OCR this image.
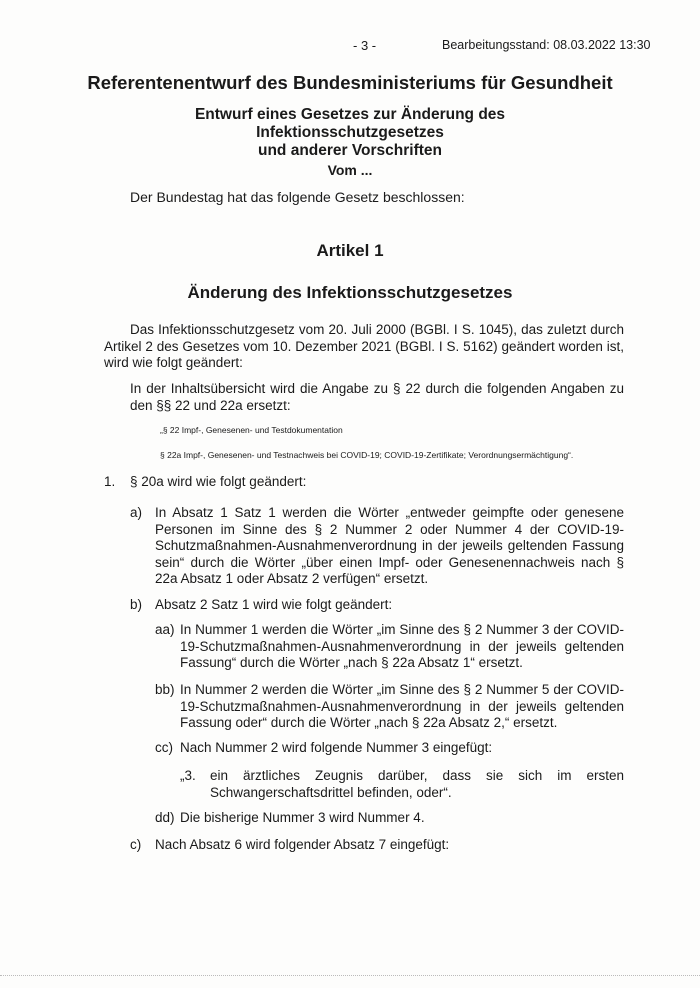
- 3 -	Bearbeitungsstand: 08.03.2022 13:30
Referentenentwurf des Bundesministeriums für Gesundheit
Entwurf eines Gesetzes zur Änderung des Infektionsschutzgesetzes
und anderer Vorschriften
Vom ...
Der Bundestag hat das folgende Gesetz beschlossen:
Artikel 1
Änderung des Infektionsschutzgesetzes
Das Infektionsschutzgesetz vom 20. Juli 2000 (BGBl. I S. 1045), das zuletzt durch Artikel 2 des Gesetzes vom 10. Dezember 2021 (BGBl. I S. 5162) geändert worden ist, wird wie folgt geändert:
In der Inhaltsübersicht wird die Angabe zu § 22 durch die folgenden Angaben zu den §§ 22 und 22a ersetzt:
„§ 22 Impf-, Genesenen- und Testdokumentation
§ 22a Impf-, Genesenen- und Testnachweis bei COVID-19; COVID-19-Zertifikate; Verordnungsermächtigung“.
1. § 20a wird wie folgt geändert:
a) In Absatz 1 Satz 1 werden die Wörter „entweder geimpfte oder genesene Personen im Sinne des § 2 Nummer 2 oder Nummer 4 der COVID-19-Schutzmaßnahmen-Ausnahmenverordnung in der jeweils geltenden Fassung sein“ durch die Wörter „über einen Impf- oder Genesenennachweis nach § 22a Absatz 1 oder Absatz 2 verfügen“ ersetzt.
b) Absatz 2 Satz 1 wird wie folgt geändert:
aa) In Nummer 1 werden die Wörter „im Sinne des § 2 Nummer 3 der COVID-19-Schutzmaßnahmen-Ausnahmenverordnung in der jeweils geltenden Fassung“ durch die Wörter „nach § 22a Absatz 1“ ersetzt.
bb) In Nummer 2 werden die Wörter „im Sinne des § 2 Nummer 5 der COVID-19-Schutzmaßnahmen-Ausnahmenverordnung in der jeweils geltenden Fassung oder“ durch die Wörter „nach § 22a Absatz 2,“ ersetzt.
cc) Nach Nummer 2 wird folgende Nummer 3 eingefügt:
„3. ein ärztliches Zeugnis darüber, dass sie sich im ersten Schwangerschaftsdrittel befinden, oder“.
dd) Die bisherige Nummer 3 wird Nummer 4.
c) Nach Absatz 6 wird folgender Absatz 7 eingefügt:
